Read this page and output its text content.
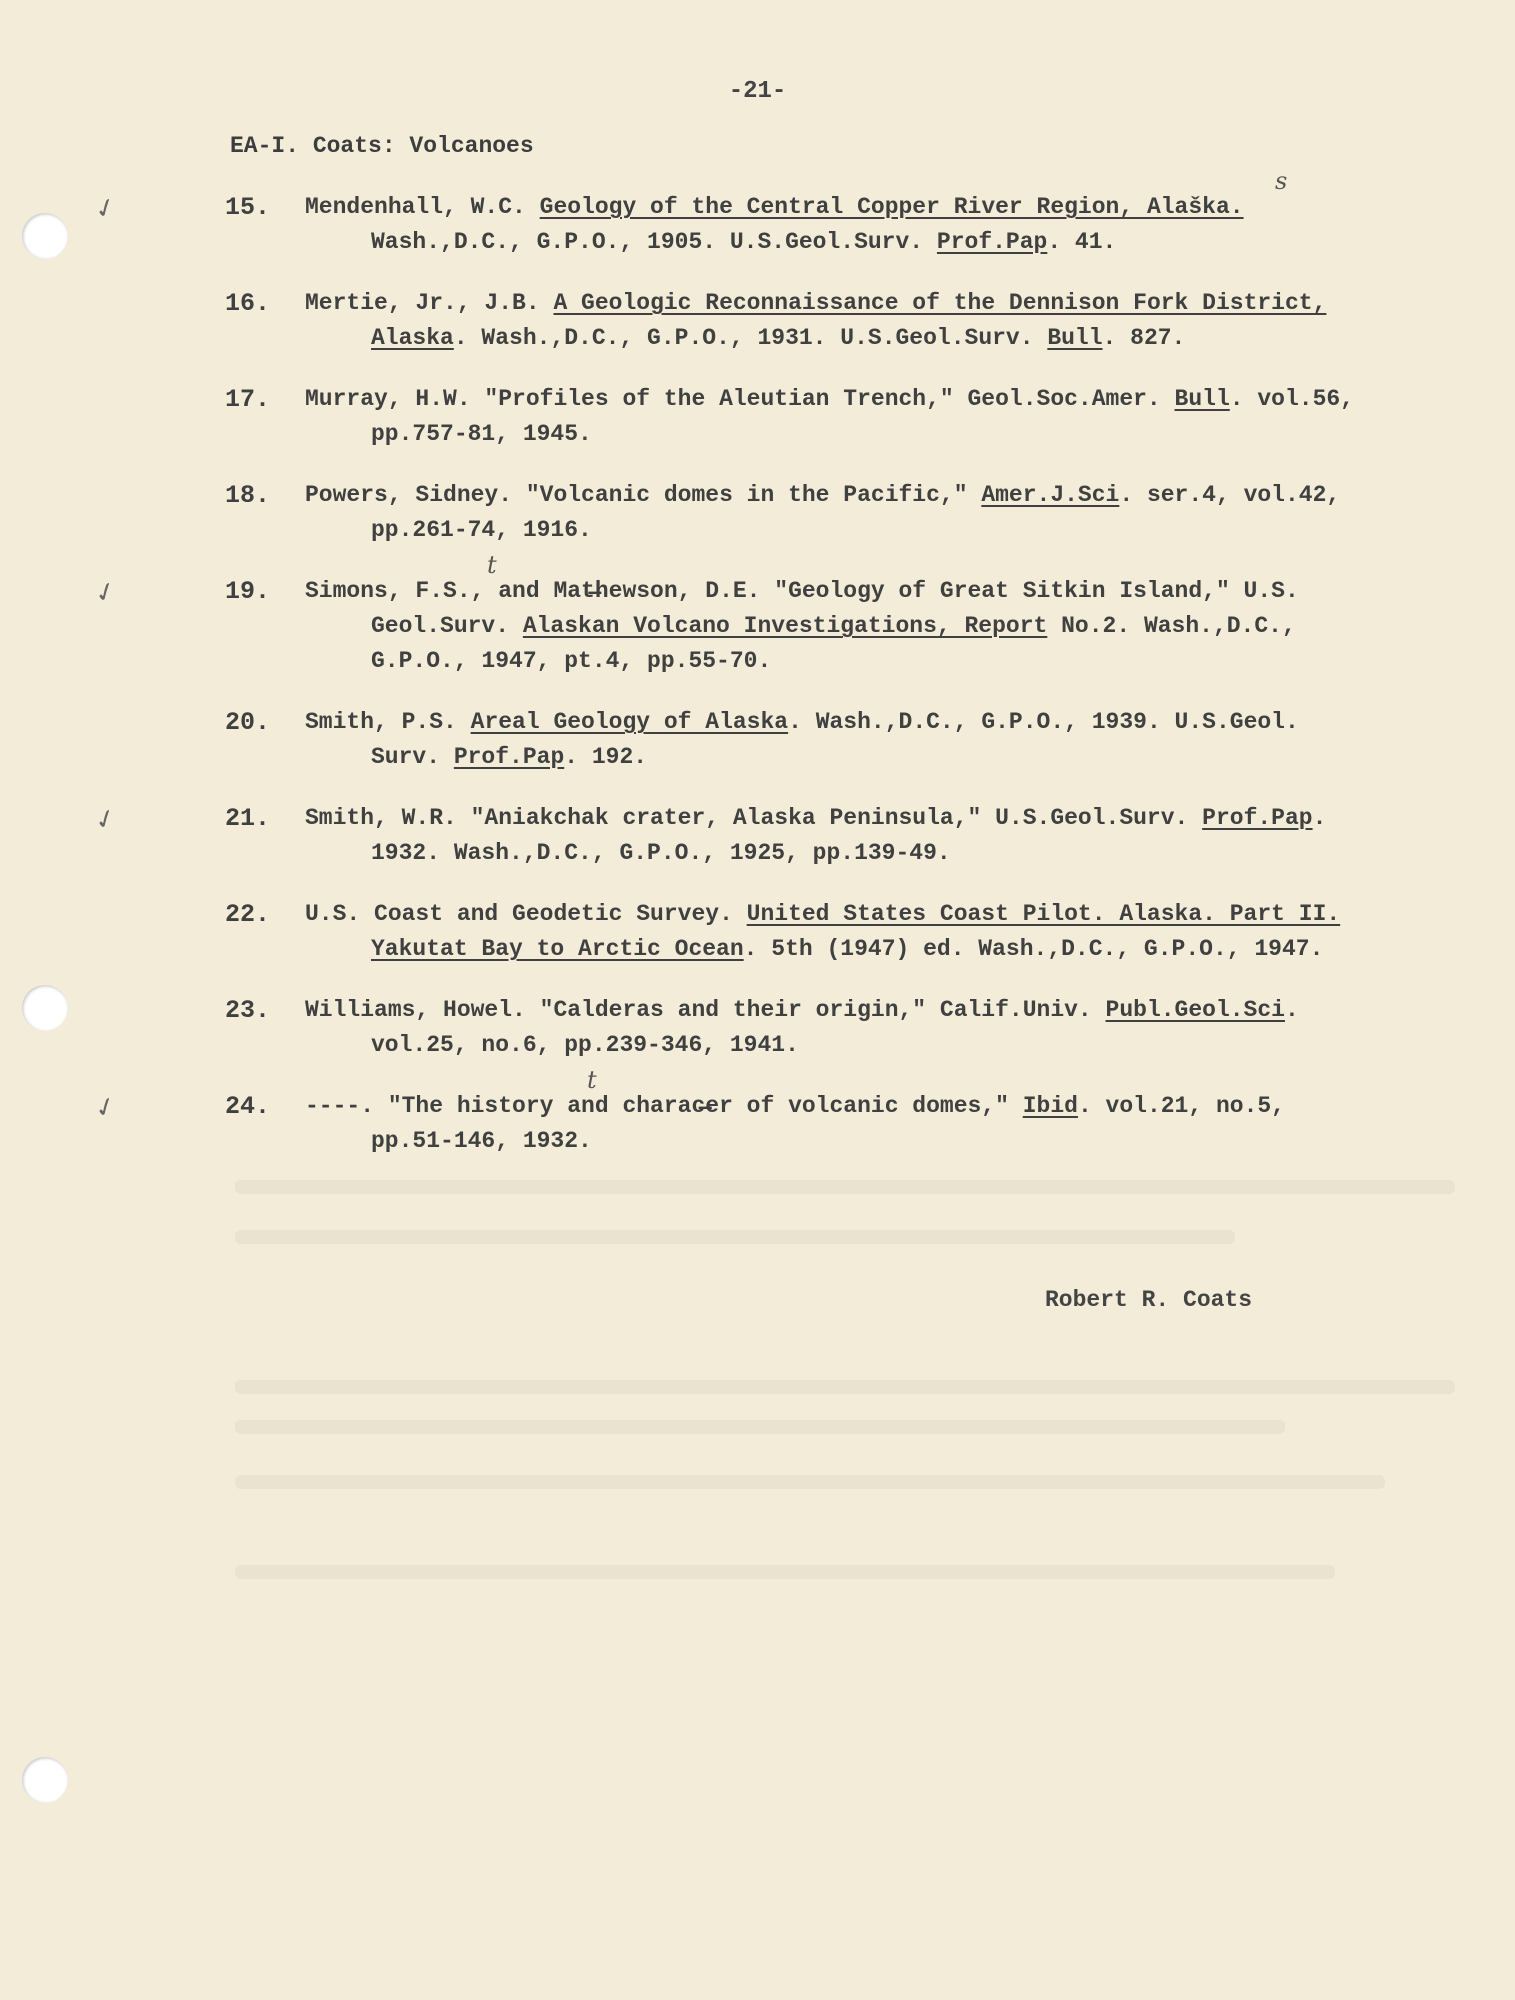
-21-
EA-I. Coats: Volcanoes
✓	15.	Mendenhall, W.C. Geology of the Central Copper River Region, Alaška.
Wash.,D.C., G.P.O., 1905. U.S.Geol.Surv. Prof.Pap. 41.
s
16.	Mertie, Jr., J.B. A Geologic Reconnaissance of the Dennison Fork District,
Alaska. Wash.,D.C., G.P.O., 1931. U.S.Geol.Surv. Bull. 827.
17.	Murray, H.W. "Profiles of the Aleutian Trench," Geol.Soc.Amer. Bull. vol.56,
pp.757-81, 1945.
18.	Powers, Sidney. "Volcanic domes in the Pacific," Amer.J.Sci. ser.4, vol.42,
pp.261-74, 1916.
✓	19.	Simons, F.S., and Mat̶hewson, D.E. "Geology of Great Sitkin Island," U.S.
Geol.Surv. Alaskan Volcano Investigations, Report No.2. Wash.,D.C.,
G.P.O., 1947, pt.4, pp.55-70.
t
20.	Smith, P.S. Areal Geology of Alaska. Wash.,D.C., G.P.O., 1939. U.S.Geol.
Surv. Prof.Pap. 192.
✓	21.	Smith, W.R. "Aniakchak crater, Alaska Peninsula," U.S.Geol.Surv. Prof.Pap.
1932. Wash.,D.C., G.P.O., 1925, pp.139-49.
22.	U.S. Coast and Geodetic Survey. United States Coast Pilot. Alaska. Part II.
Yakutat Bay to Arctic Ocean. 5th (1947) ed. Wash.,D.C., G.P.O., 1947.
23.	Williams, Howel. "Calderas and their origin," Calif.Univ. Publ.Geol.Sci.
vol.25, no.6, pp.239-346, 1941.
✓	24.	----. "The history and charac̶er of volcanic domes," Ibid. vol.21, no.5,
pp.51-146, 1932.
t
Robert R. Coats
